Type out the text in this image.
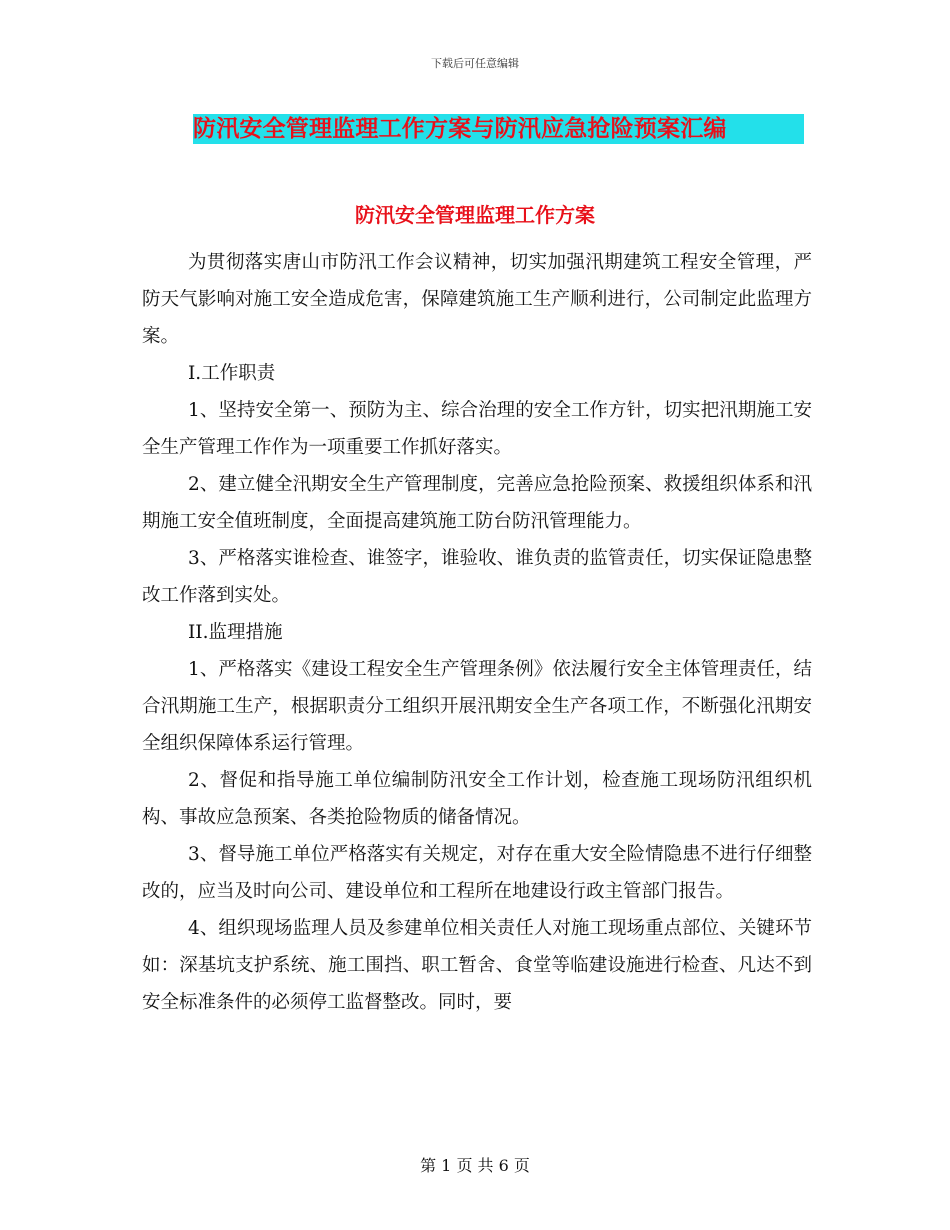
下载后可任意编辑
防汛安全管理监理工作方案与防汛应急抢险预案汇编
防汛安全管理监理工作方案

为贯彻落实唐山市防汛工作会议精神，切实加强汛期建筑工程安全管理，严防天气影响对施工安全造成危害，保障建筑施工生产顺利进行，公司制定此监理方案。

I.工作职责

1、坚持安全第一、预防为主、综合治理的安全工作方针，切实把汛期施工安全生产管理工作作为一项重要工作抓好落实。

2、建立健全汛期安全生产管理制度，完善应急抢险预案、救援组织体系和汛期施工安全值班制度，全面提高建筑施工防台防汛管理能力。

3、严格落实谁检查、谁签字，谁验收、谁负责的监管责任，切实保证隐患整改工作落到实处。

II.监理措施

1、严格落实《建设工程安全生产管理条例》依法履行安全主体管理责任，结合汛期施工生产，根据职责分工组织开展汛期安全生产各项工作，不断强化汛期安全组织保障体系运行管理。

2、督促和指导施工单位编制防汛安全工作计划，检查施工现场防汛组织机构、事故应急预案、各类抢险物质的储备情况。

3、督导施工单位严格落实有关规定，对存在重大安全险情隐患不进行仔细整改的，应当及时向公司、建设单位和工程所在地建设行政主管部门报告。

4、组织现场监理人员及参建单位相关责任人对施工现场重点部位、关键环节如：深基坑支护系统、施工围挡、职工暂舍、食堂等临建设施进行检查、凡达不到安全标准条件的必须停工监督整改。同时，要

第 1 页 共 6 页
